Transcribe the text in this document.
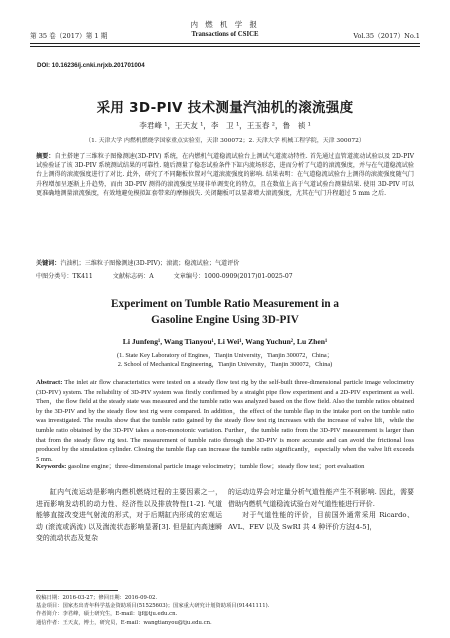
第 35 卷（2017）第 1 期
内 燃 机 学 报
Transactions of CSICE	Vol.35（2017）No.1
DOI: 10.16236/j.cnki.nrjxb.201701004
采用 3D-PIV 技术测量汽油机的滚流强度
李君峰 ¹，王天友 ¹，李　卫 ¹，王玉春 ²，鲁　祯 ¹
（1. 天津大学 内燃机燃烧学国家重点实验室，天津 300072；2. 天津大学 机械工程学院，天津 300072）
摘要：自主搭建了三维粒子图像测速(3D-PIV) 系统，在内燃机气道稳流试验台上测试气道流动特性. 首先通过直管道流动试验以及 2D-PIV 试验验证了该 3D-PIV 系统测试结果的可靠性. 随后测量了稳态试验条件下缸内流场形态，进而分析了气道的滚流强度，并与在气道稳流试验台上测得的滚流强度进行了对比. 此外，研究了不同翻板位置对气道滚流强度的影响. 结果表明：在气道稳流试验台上测得的滚流强度随气门升程增加呈逐渐上升趋势，而由 3D-PIV 测得的滚流强度呈现非单调变化的特点，且在数值上高于气道试验台测量结果. 使用 3D-PIV 可以更准确地测量滚流强度，有效地避免模拟缸套带来的摩擦损失. 关闭翻板可以显著增大滚流强度，尤其在气门升程超过 5 mm 之后.
关键词：汽油机；三维粒子图像测速(3D-PIV)；滚流；稳流试验；气道评价
中图分类号：TK411	文献标志码：A	文章编号：1000-0909(2017)01-0025-07
Experiment on Tumble Ratio Measurement in a
Gasoline Engine Using 3D-PIV
Li Junfeng¹, Wang Tianyou¹, Li Wei¹, Wang Yuchun², Lu Zhen¹
(1. State Key Laboratory of Engines，Tianjin University，Tianjin 300072，China；
2. School of Mechanical Engineering，Tianjin University，Tianjin 300072，China)
Abstract: The inlet air flow characteristics were tested on a steady flow test rig by the self-built three-dimensional particle image velocimetry (3D-PIV) system. The reliability of 3D-PIV system was firstly confirmed by a straight pipe flow experiment and a 2D-PIV experiment as well. Then，the flow field at the steady state was measured and the tumble ratio was analyzed based on the flow field. Also the tumble ratios obtained by the 3D-PIV and by the steady flow test rig were compared. In addition，the effect of the tumble flap in the intake port on the tumble ratio was investigated. The results show that the tumble ratio gained by the steady flow test rig increases with the increase of valve lift，while the tumble ratio obtained by the 3D-PIV takes a non-monotonic variation. Further，the tumble ratio from the 3D-PIV measurement is larger than that from the steady flow rig test. The measurement of tumble ratio through the 3D-PIV is more accurate and can avoid the frictional loss produced by the simulation cylinder. Closing the tumble flap can increase the tumble ratio significantly，especially when the valve lift exceeds 5 mm.
Keywords: gasoline engine；three-dimensional particle image velocimetry；tumble flow；steady flow test；port evaluation

缸内气流运动是影响内燃机燃烧过程的主要因素之一，进而影响发动机的动力性、经济性以及排放特性[1-2]. 气道能够直接改变进气射流的形式，对于后期缸内形成的宏观运动 (滚流或涡流) 以及湍流状态影响显著[3]. 但是缸内高速瞬变的流动状态及复杂

的运动边界会对定量分析气道性能产生不利影响. 因此，需要借助内燃机气道稳流试验台对气道性能进行评价.

对于气道性能的评价，目前国外通常采用 Ricardo、AVL、FEV 以及 SwRI 共 4 种评价方法[4-5]，

收稿日期：2016-03-27；修回日期：2016-09-02.
基金项目：国家杰出青年科学基金资助项目(51525603)；国家重大研究计划资助项目(91441111).
作者简介：李君峰，硕士研究生，E-mail：ljf@tju.edu.cn.
通信作者：王天友，博士，研究员，E-mail：wangtianyou@tju.edu.cn.
